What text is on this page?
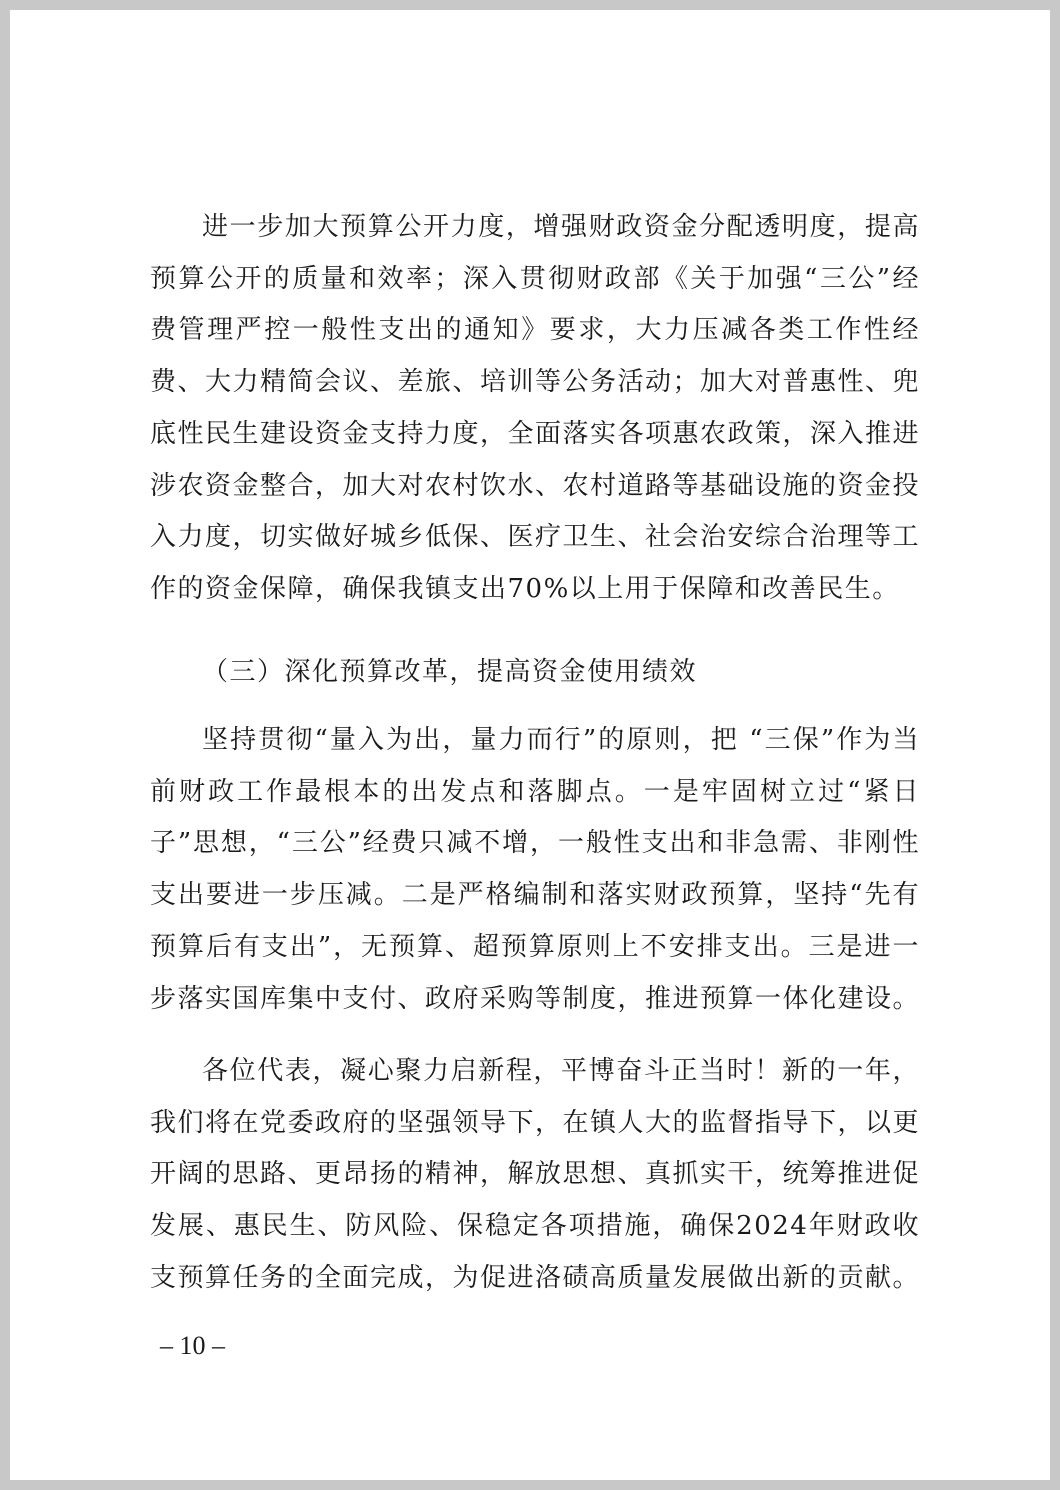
进一步加大预算公开力度，增强财政资金分配透明度，提高预算公开的质量和效率；深入贯彻财政部《关于加强“三公”经费管理严控一般性支出的通知》要求，大力压减各类工作性经费、大力精简会议、差旅、培训等公务活动；加大对普惠性、兜底性民生建设资金支持力度，全面落实各项惠农政策，深入推进涉农资金整合，加大对农村饮水、农村道路等基础设施的资金投入力度，切实做好城乡低保、医疗卫生、社会治安综合治理等工作的资金保障，确保我镇支出70%以上用于保障和改善民生。

（三）深化预算改革，提高资金使用绩效

坚持贯彻“量入为出，量力而行”的原则，把 “三保”作为当前财政工作最根本的出发点和落脚点。一是牢固树立过“紧日子”思想，“三公”经费只减不增，一般性支出和非急需、非刚性支出要进一步压减。二是严格编制和落实财政预算，坚持“先有预算后有支出”，无预算、超预算原则上不安排支出。三是进一步落实国库集中支付、政府采购等制度，推进预算一体化建设。

各位代表，凝心聚力启新程，平博奋斗正当时！新的一年，我们将在党委政府的坚强领导下，在镇人大的监督指导下，以更开阔的思路、更昂扬的精神，解放思想、真抓实干，统筹推进促发展、惠民生、防风险、保稳定各项措施，确保2024年财政收支预算任务的全面完成，为促进洛碛高质量发展做出新的贡献。

– 10 –
